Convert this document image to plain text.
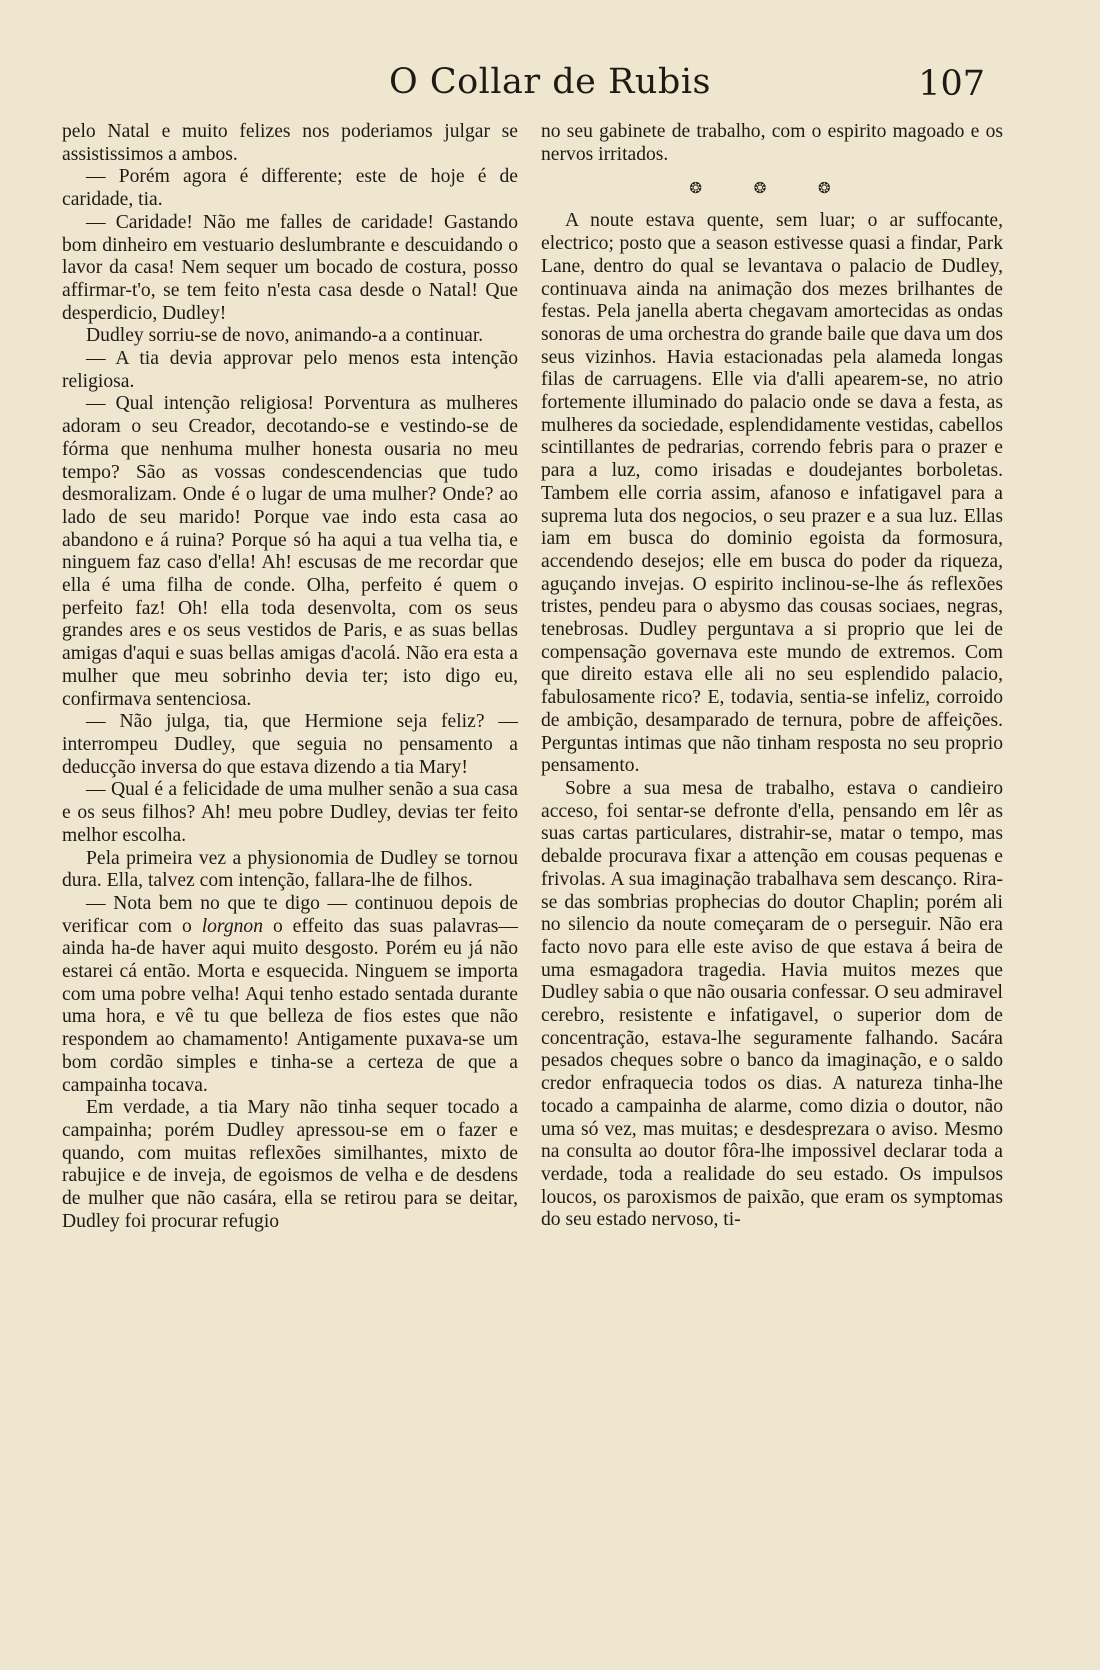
O Collar de Rubis	107

pelo Natal e muito felizes nos poderiamos julgar se assistissimos a ambos.

— Porém agora é differente; este de hoje é de caridade, tia.

— Caridade! Não me falles de caridade! Gastando bom dinheiro em vestuario deslumbrante e descuidando o lavor da casa! Nem sequer um bocado de costura, posso affirmar-t'o, se tem feito n'esta casa desde o Natal! Que desperdicio, Dudley!

Dudley sorriu-se de novo, animando-a a continuar.

— A tia devia approvar pelo menos esta intenção religiosa.

— Qual intenção religiosa! Porventura as mulheres adoram o seu Creador, decotando-se e vestindo-se de fórma que nenhuma mulher honesta ousaria no meu tempo? São as vossas condescendencias que tudo desmoralizam. Onde é o lugar de uma mulher? Onde? ao lado de seu marido! Porque vae indo esta casa ao abandono e á ruina? Porque só ha aqui a tua velha tia, e ninguem faz caso d'ella! Ah! escusas de me recordar que ella é uma filha de conde. Olha, perfeito é quem o perfeito faz! Oh! ella toda desenvolta, com os seus grandes ares e os seus vestidos de Paris, e as suas bellas amigas d'aqui e suas bellas amigas d'acolá. Não era esta a mulher que meu sobrinho devia ter; isto digo eu, confirmava sentenciosa.

— Não julga, tia, que Hermione seja feliz? — interrompeu Dudley, que seguia no pensamento a deducção inversa do que estava dizendo a tia Mary!

— Qual é a felicidade de uma mulher senão a sua casa e os seus filhos? Ah! meu pobre Dudley, devias ter feito melhor escolha.

Pela primeira vez a physionomia de Dudley se tornou dura. Ella, talvez com intenção, fallara-lhe de filhos.

— Nota bem no que te digo — continuou depois de verificar com o lorgnon o effeito das suas palavras—ainda ha-de haver aqui muito desgosto. Porém eu já não estarei cá então. Morta e esquecida. Ninguem se importa com uma pobre velha! Aqui tenho estado sentada durante uma hora, e vê tu que belleza de fios estes que não respondem ao chamamento! Antigamente puxava-se um bom cordão simples e tinha-se a certeza de que a campainha tocava.

Em verdade, a tia Mary não tinha sequer tocado a campainha; porém Dudley apressou-se em o fazer e quando, com muitas reflexões similhantes, mixto de rabujice e de inveja, de egoismos de velha e de desdens de mulher que não casára, ella se retirou para se deitar, Dudley foi procurar refugio

no seu gabinete de trabalho, com o espirito magoado e os nervos irritados.

❂ ❂ ❂

A noute estava quente, sem luar; o ar suffocante, electrico; posto que a season estivesse quasi a findar, Park Lane, dentro do qual se levantava o palacio de Dudley, continuava ainda na animação dos mezes brilhantes de festas. Pela janella aberta chegavam amortecidas as ondas sonoras de uma orchestra do grande baile que dava um dos seus vizinhos. Havia estacionadas pela alameda longas filas de carruagens. Elle via d'alli apearem-se, no atrio fortemente illuminado do palacio onde se dava a festa, as mulheres da sociedade, esplendidamente vestidas, cabellos scintillantes de pedrarias, correndo febris para o prazer e para a luz, como irisadas e doudejantes borboletas. Tambem elle corria assim, afanoso e infatigavel para a suprema luta dos negocios, o seu prazer e a sua luz. Ellas iam em busca do dominio egoista da formosura, accendendo desejos; elle em busca do poder da riqueza, aguçando invejas. O espirito inclinou-se-lhe ás reflexões tristes, pendeu para o abysmo das cousas sociaes, negras, tenebrosas. Dudley perguntava a si proprio que lei de compensação governava este mundo de extremos. Com que direito estava elle ali no seu esplendido palacio, fabulosamente rico? E, todavia, sentia-se infeliz, corroido de ambição, desamparado de ternura, pobre de affeições. Perguntas intimas que não tinham resposta no seu proprio pensamento.

Sobre a sua mesa de trabalho, estava o candieiro acceso, foi sentar-se defronte d'ella, pensando em lêr as suas cartas particulares, distrahir-se, matar o tempo, mas debalde procurava fixar a attenção em cousas pequenas e frivolas. A sua imaginação trabalhava sem descanço. Rira-se das sombrias prophecias do doutor Chaplin; porém ali no silencio da noute começaram de o perseguir. Não era facto novo para elle este aviso de que estava á beira de uma esmagadora tragedia. Havia muitos mezes que Dudley sabia o que não ousaria confessar. O seu admiravel cerebro, resistente e infatigavel, o superior dom de concentração, estava-lhe seguramente falhando. Sacára pesados cheques sobre o banco da imaginação, e o saldo credor enfraquecia todos os dias. A natureza tinha-lhe tocado a campainha de alarme, como dizia o doutor, não uma só vez, mas muitas; e desdesprezara o aviso. Mesmo na consulta ao doutor fôra-lhe impossivel declarar toda a verdade, toda a realidade do seu estado. Os impulsos loucos, os paroxismos de paixão, que eram os symptomas do seu estado nervoso, ti-
